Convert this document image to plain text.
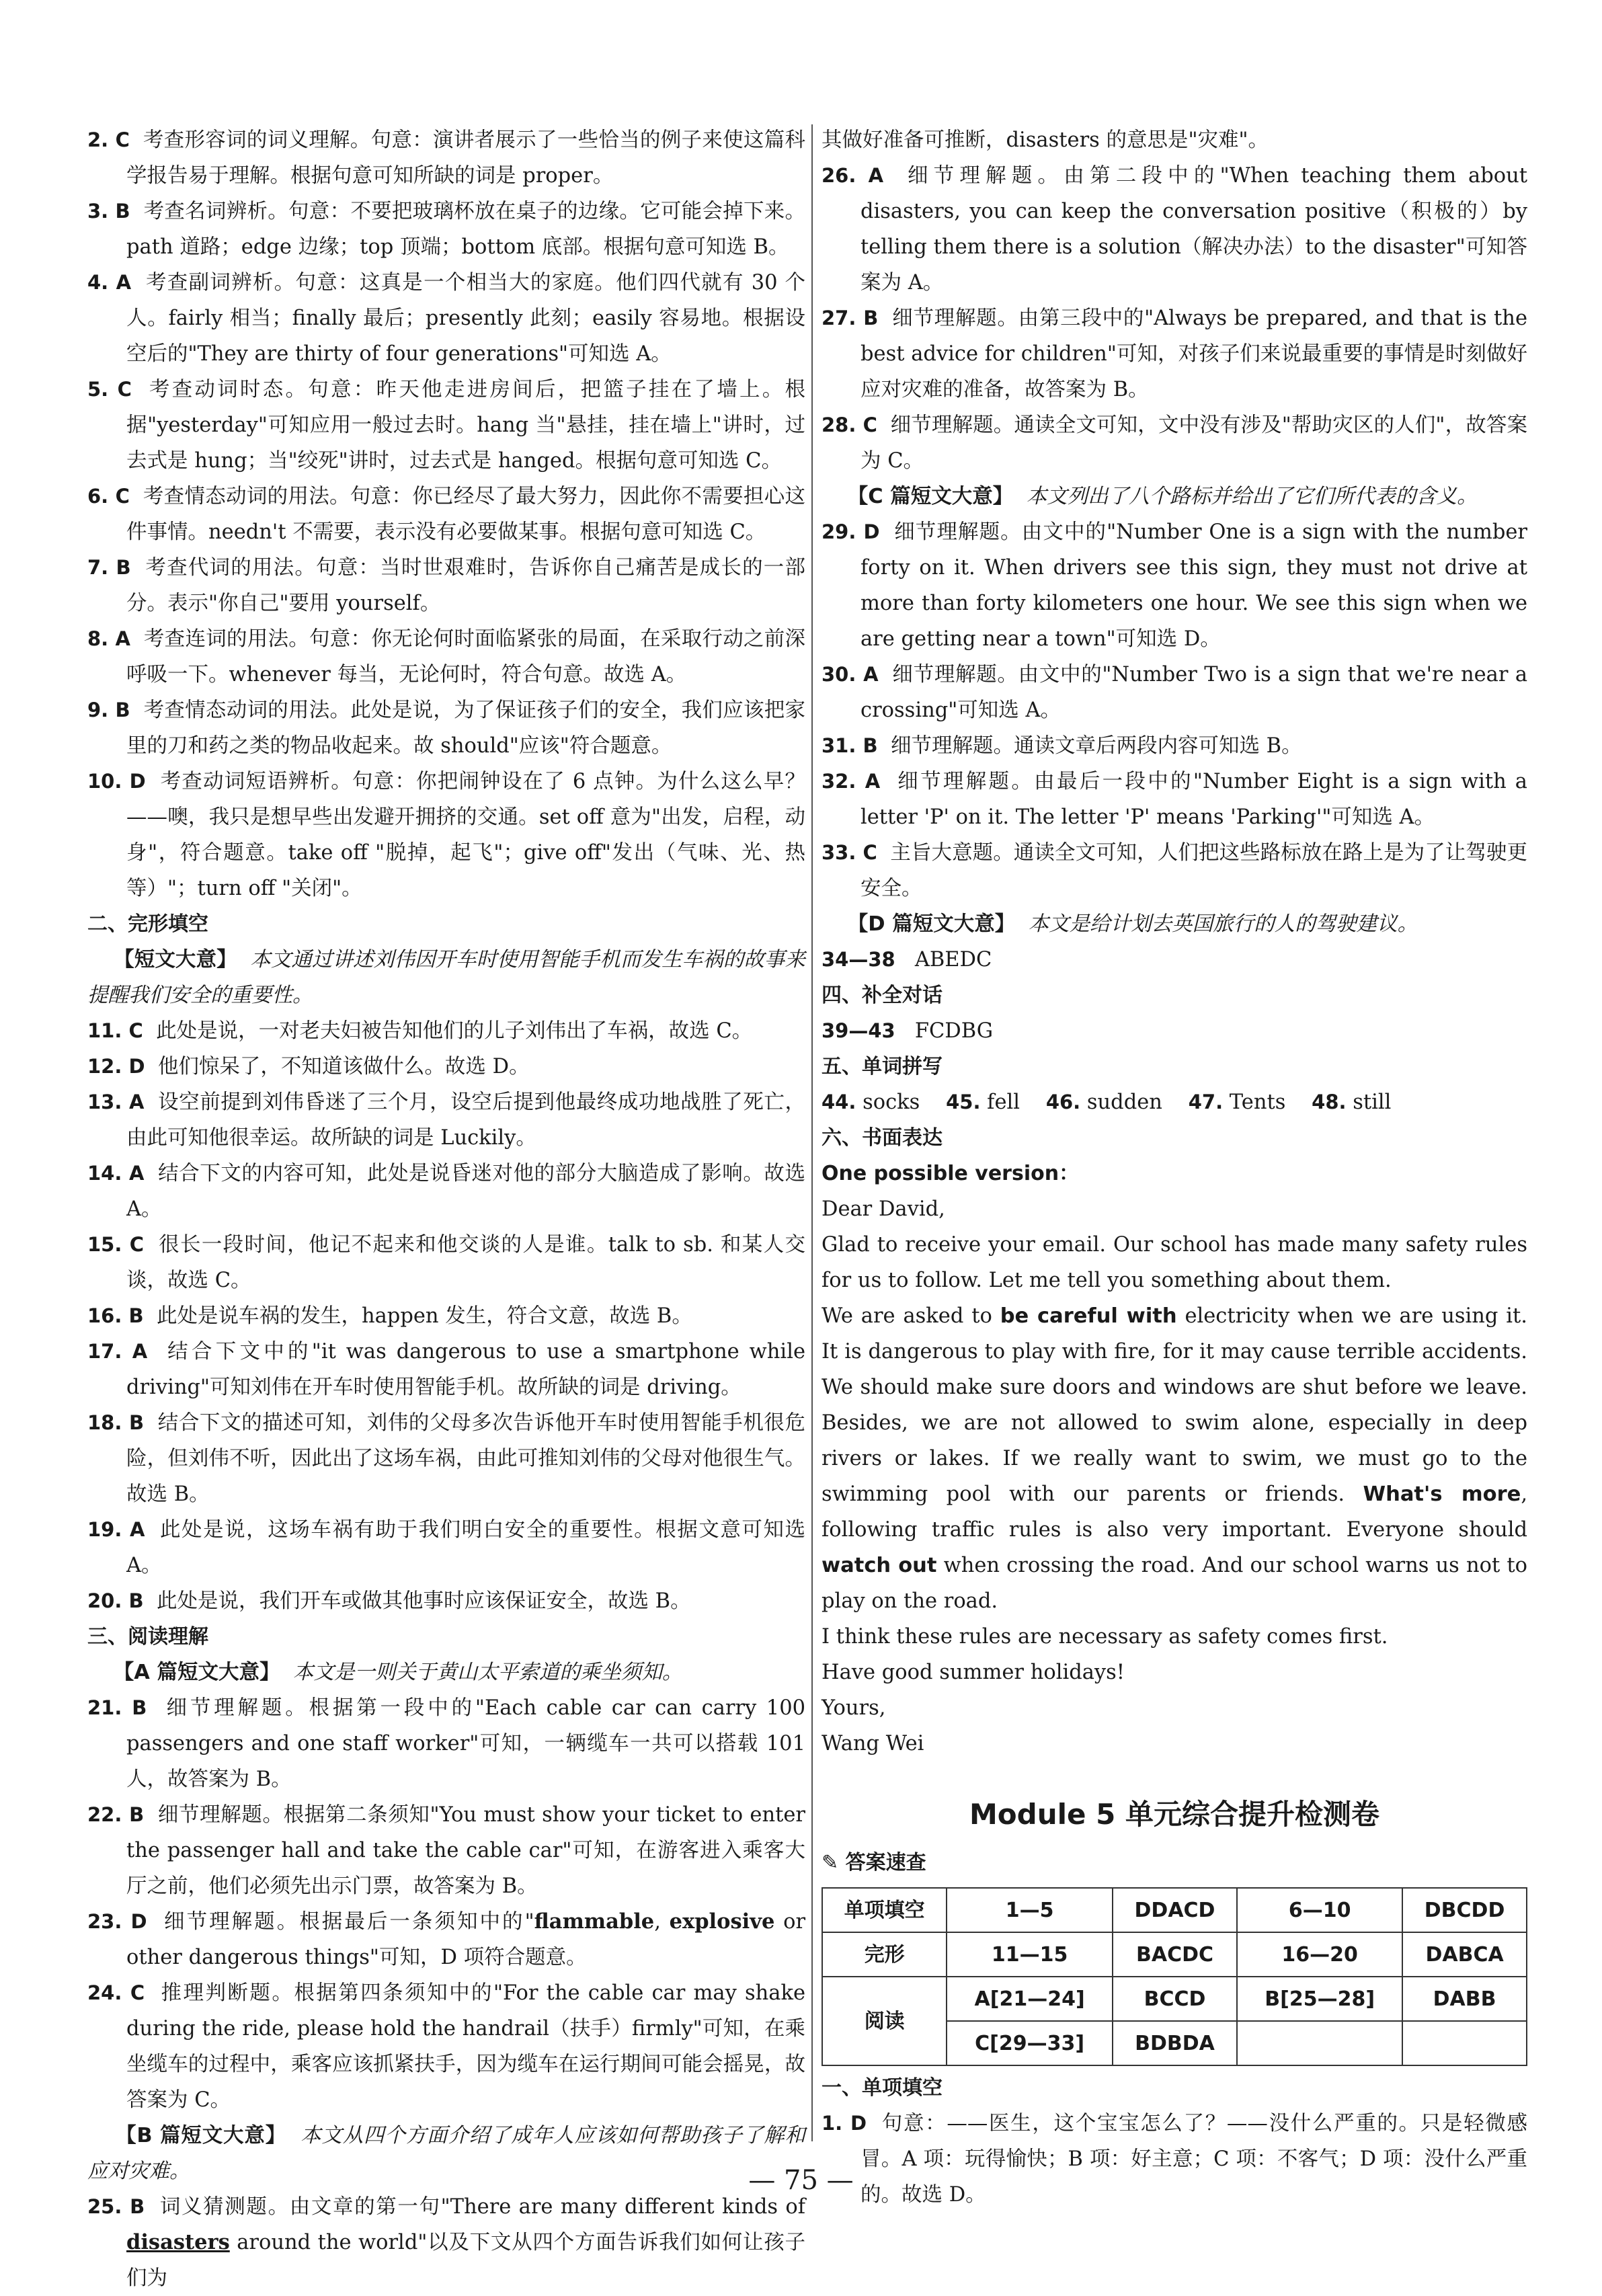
2. C 考查形容词的词义理解。句意：演讲者展示了一些恰当的例子来使这篇科学报告易于理解。根据句意可知所缺的词是 proper。

3. B 考查名词辨析。句意：不要把玻璃杯放在桌子的边缘。它可能会掉下来。path 道路；edge 边缘；top 顶端；bottom 底部。根据句意可知选 B。

4. A 考查副词辨析。句意：这真是一个相当大的家庭。他们四代就有 30 个人。fairly 相当；finally 最后；presently 此刻；easily 容易地。根据设空后的"They are thirty of four generations"可知选 A。

5. C 考查动词时态。句意：昨天他走进房间后，把篮子挂在了墙上。根据"yesterday"可知应用一般过去时。hang 当"悬挂，挂在墙上"讲时，过去式是 hung；当"绞死"讲时，过去式是 hanged。根据句意可知选 C。

6. C 考查情态动词的用法。句意：你已经尽了最大努力，因此你不需要担心这件事情。needn't 不需要，表示没有必要做某事。根据句意可知选 C。

7. B 考查代词的用法。句意：当时世艰难时，告诉你自己痛苦是成长的一部分。表示"你自己"要用 yourself。

8. A 考查连词的用法。句意：你无论何时面临紧张的局面，在采取行动之前深呼吸一下。whenever 每当，无论何时，符合句意。故选 A。

9. B 考查情态动词的用法。此处是说，为了保证孩子们的安全，我们应该把家里的刀和药之类的物品收起来。故 should"应该"符合题意。

10. D 考查动词短语辨析。句意：你把闹钟设在了 6 点钟。为什么这么早？——噢，我只是想早些出发避开拥挤的交通。set off 意为"出发，启程，动身"，符合题意。take off "脱掉，起飞"；give off"发出（气味、光、热等）"；turn off "关闭"。

二、完形填空

【短文大意】 本文通过讲述刘伟因开车时使用智能手机而发生车祸的故事来提醒我们安全的重要性。

11. C 此处是说，一对老夫妇被告知他们的儿子刘伟出了车祸，故选 C。

12. D 他们惊呆了，不知道该做什么。故选 D。

13. A 设空前提到刘伟昏迷了三个月，设空后提到他最终成功地战胜了死亡，由此可知他很幸运。故所缺的词是 Luckily。

14. A 结合下文的内容可知，此处是说昏迷对他的部分大脑造成了影响。故选 A。

15. C 很长一段时间，他记不起来和他交谈的人是谁。talk to sb. 和某人交谈，故选 C。

16. B 此处是说车祸的发生，happen 发生，符合文意，故选 B。

17. A 结合下文中的"it was dangerous to use a smartphone while driving"可知刘伟在开车时使用智能手机。故所缺的词是 driving。

18. B 结合下文的描述可知，刘伟的父母多次告诉他开车时使用智能手机很危险，但刘伟不听，因此出了这场车祸，由此可推知刘伟的父母对他很生气。故选 B。

19. A 此处是说，这场车祸有助于我们明白安全的重要性。根据文意可知选 A。

20. B 此处是说，我们开车或做其他事时应该保证安全，故选 B。

三、阅读理解

【A 篇短文大意】 本文是一则关于黄山太平索道的乘坐须知。

21. B 细节理解题。根据第一段中的"Each cable car can carry 100 passengers and one staff worker"可知，一辆缆车一共可以搭载 101 人，故答案为 B。

22. B 细节理解题。根据第二条须知"You must show your ticket to enter the passenger hall and take the cable car"可知，在游客进入乘客大厅之前，他们必须先出示门票，故答案为 B。

23. D 细节理解题。根据最后一条须知中的"flammable, explosive or other dangerous things"可知，D 项符合题意。

24. C 推理判断题。根据第四条须知中的"For the cable car may shake during the ride, please hold the handrail（扶手）firmly"可知，在乘坐缆车的过程中，乘客应该抓紧扶手，因为缆车在运行期间可能会摇晃，故答案为 C。

【B 篇短文大意】 本文从四个方面介绍了成年人应该如何帮助孩子了解和应对灾难。

25. B 词义猜测题。由文章的第一句"There are many different kinds of disasters around the world"以及下文从四个方面告诉我们如何让孩子们为

其做好准备可推断，disasters 的意思是"灾难"。

26. A 细节理解题。由第二段中的"When teaching them about disasters, you can keep the conversation positive（积极的）by telling them there is a solution（解决办法）to the disaster"可知答案为 A。

27. B 细节理解题。由第三段中的"Always be prepared, and that is the best advice for children"可知，对孩子们来说最重要的事情是时刻做好应对灾难的准备，故答案为 B。

28. C 细节理解题。通读全文可知，文中没有涉及"帮助灾区的人们"，故答案为 C。

【C 篇短文大意】 本文列出了八个路标并给出了它们所代表的含义。

29. D 细节理解题。由文中的"Number One is a sign with the number forty on it. When drivers see this sign, they must not drive at more than forty kilometers one hour. We see this sign when we are getting near a town"可知选 D。

30. A 细节理解题。由文中的"Number Two is a sign that we're near a crossing"可知选 A。

31. B 细节理解题。通读文章后两段内容可知选 B。

32. A 细节理解题。由最后一段中的"Number Eight is a sign with a letter 'P' on it. The letter 'P' means 'Parking'"可知选 A。

33. C 主旨大意题。通读全文可知，人们把这些路标放在路上是为了让驾驶更安全。

【D 篇短文大意】 本文是给计划去英国旅行的人的驾驶建议。

34—38 ABEDC

四、补全对话

39—43 FCDBG

五、单词拼写

44. socks 45. fell 46. sudden 47. Tents 48. still

六、书面表达

One possible version：

Dear David,

Glad to receive your email. Our school has made many safety rules for us to follow. Let me tell you something about them.

We are asked to be careful with electricity when we are using it. It is dangerous to play with fire, for it may cause terrible accidents. We should make sure doors and windows are shut before we leave. Besides, we are not allowed to swim alone, especially in deep rivers or lakes. If we really want to swim, we must go to the swimming pool with our parents or friends. What's more, following traffic rules is also very important. Everyone should watch out when crossing the road. And our school warns us not to play on the road.

I think these rules are necessary as safety comes first.

Have good summer holidays!

Yours,

Wang Wei

Module 5 单元综合提升检测卷
✎ 答案速查
单项填空	1—5	DDACD	6—10	DBCDD
完形	11—15	BACDC	16—20	DABCA
阅读	A[21—24]	BCCD	B[25—28]	DABB
	C[29—33]	BDBDA		

一、单项填空

1. D 句意：——医生，这个宝宝怎么了？——没什么严重的。只是轻微感冒。A 项：玩得愉快；B 项：好主意；C 项：不客气；D 项：没什么严重的。故选 D。

— 75 —
